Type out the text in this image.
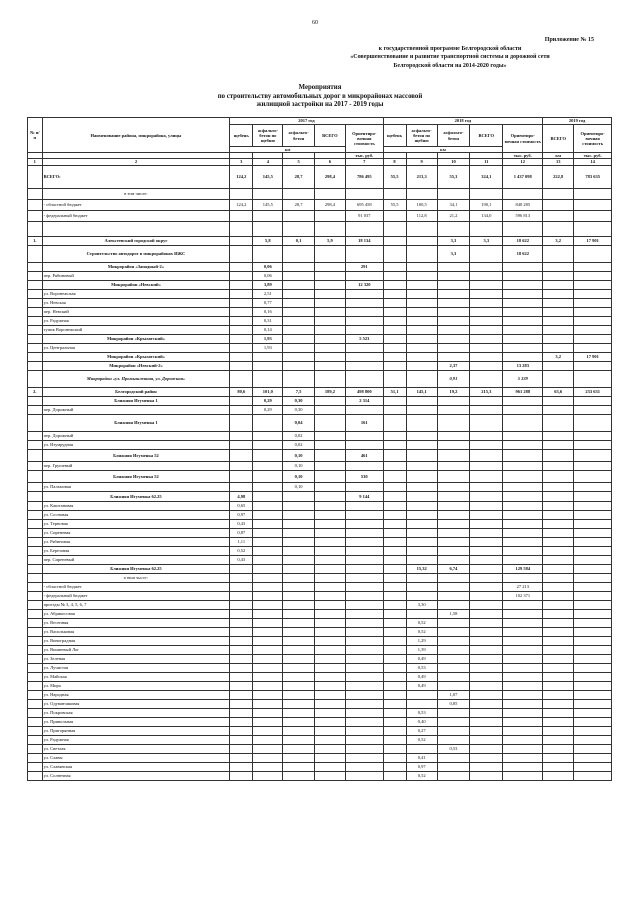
60
Приложение № 15
к государственной программе Белгородской области
«Совершенствование и развитие транспортной системы и дорожной сети
Белгородской области на 2014-2020 годы»
Мероприятия
по строительству автомобильных дорог в микрорайонах массовой
жилищной застройки на 2017 - 2019 годы
№ п/п	Наименование района, микрорайона, улицы	2017 год					2018 год					2019 год	
		щебень	асфальто-бетон по щебню	асфальто-бетон	ВСЕГО	Ориентиро-вочная стоимость	щебень	асфальто-бетон по щебню	асфальто-бетон	ВСЕГО	Ориентиро-вочная стоимость	ВСЕГО	Ориентиро-вочная стоимость
		км					км						
						тыс. руб.					тыс. руб.	км	тыс. руб.
1	2	3	4	5	6	7	8	9	10	11	12	13	14
	ВСЕГО:	124,2	145,5	28,7	298,4	786 495	55,5	213,3	55,3	324,1	1 437 098	222,8	783 635
	в том числе:												
	- областной бюджет	124,2	145,5	28,7	298,4	695 458	55,5	100,5	34,1	190,1	840 285		
	- федеральный бюджет					91 037		112,8	21,2	134,0	596 813		

1.	Алексеевский городской округ		5,8	0,1	5,9	18 134			3,3	3,3	18 622	3,2	17 901
	Строительство автодорог в микрорайонах ИЖС								3,3		18 622		
	Микрорайон «Западный-2»		0,06			291							
	пер. Рябиновый		0,06										
	Микрорайон «Невский»		3,89			12 320							
	ул. Воронежская		2,51										
	ул. Невская		0,77										
	пер. Невский		0,16										
	ул. Радужная		0,31										
	тупик Воронежский		0,14										
	Микрорайон «Крылатский»		1,93			5 523							
	ул. Центральная		1,93										
	Микрорайон «Крылатский»											3,2	17 901
	Микрорайон «Невский-2»								2,37		13 283		
	Микрорайон «ул. Промышленная, ул. Дорожная»								0,91		5 339		
2.	Белгородский район	80,6	101,0	7,5	189,2	498 800	51,1	145,1	19,2	215,3	961 288	63,6	233 631
	Ближняя Игуменка 1		0,29	0,30		2 314							
	пер. Дорожный		0,29	0,30									
	Ближняя Игуменка 1			0,04		161							
	пер. Дорожный			0,02									
	ул. Изумрудная			0,02									
	Ближняя Игуменка 52			0,10		461							
	пер. Грушевый			0,10									
	Ближняя Игуменка 52			0,10		530							
	ул. Пальмовая			0,10									
	Ближняя Игуменка 62.25	4,98				9 144							
	ул. Каштановая	0,65											
	ул. Сосновая	0,97											
	ул. Терновая	0,43											
	ул. Сиреневая	0,87											
	ул. Рябиновая	1,11											
	ул. Березовая	0,52											
	пер. Сиреневый	0,43											
	Ближняя Игуменка 62.25							15,32	6,74		129 584		
	в том числе:												
	- областной бюджет										27 213		
	- федеральный бюджет										102 371		
	проезды № 3, 4, 5, 6, 7							3,30					
	ул. Абрикосовая								1,58				
	ул. Весенняя							0,52					
	ул. Васильковая							0,52					
	ул. Виноградная							1,29					
	ул. Вишневый Лог							1,39					
	ул. Зеленая							0,49					
	ул. Лучистая							0,53					
	ул. Майская							0,49					
	ул. Мира							0,49					
	ул. Народная								1,07				
	ул. Одуванчиковая								0,85				
	ул. Покровская							0,53					
	ул. Привольная							0,40					
	ул. Пригорянная							0,27					
	ул. Радужная							0,52					
	ул. Светлая								0,53				
	ул. Славы							0,41					
	ул. Славянская							0,97					
	ул. Солнечная							0,52					
